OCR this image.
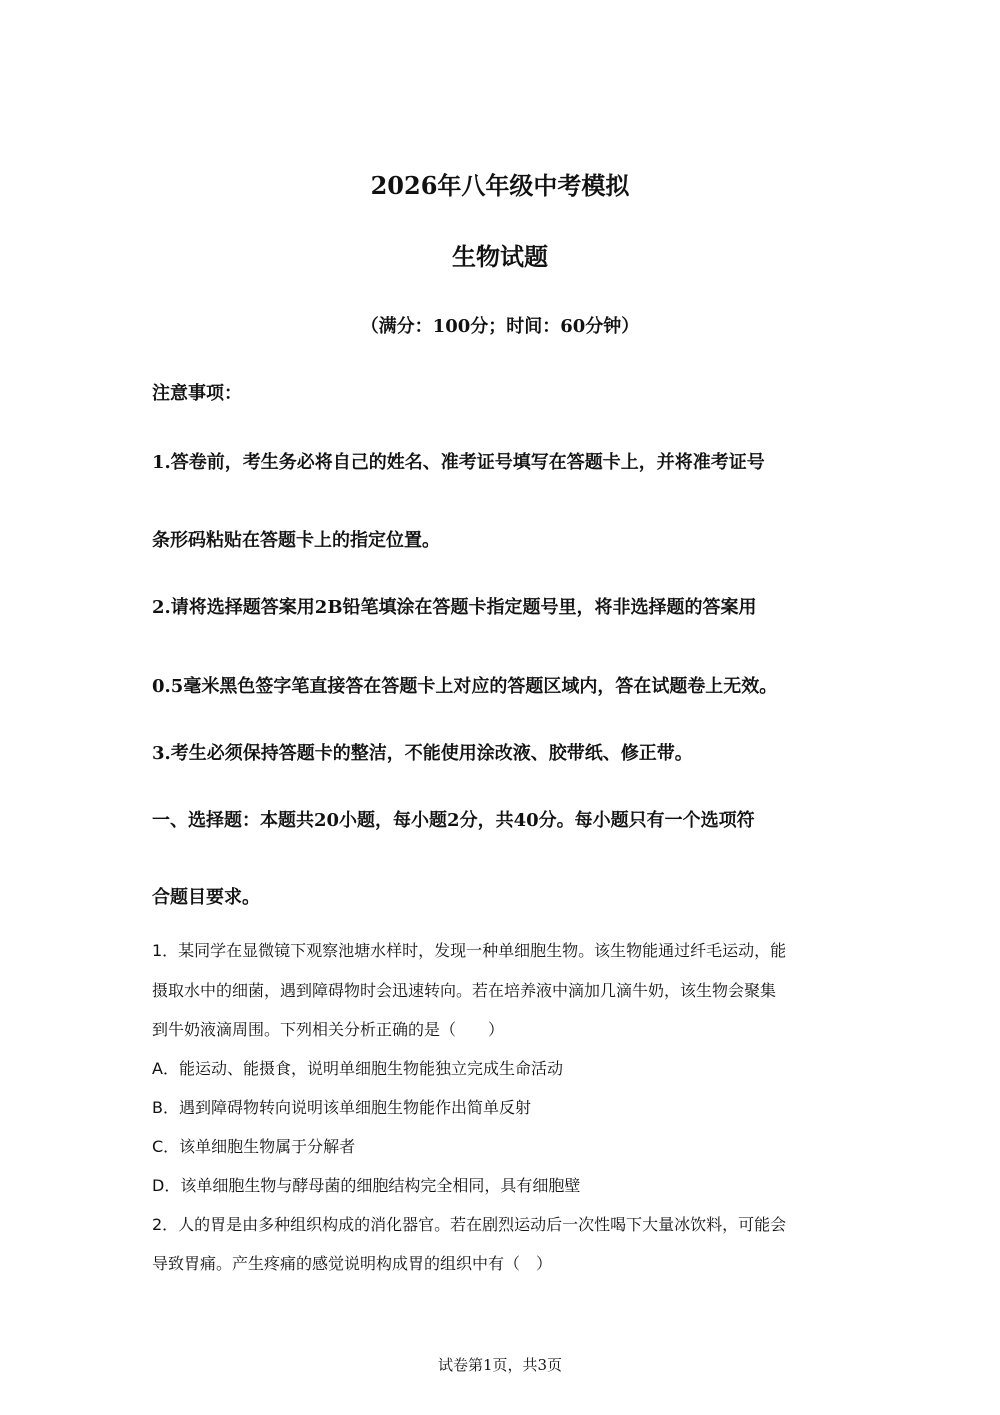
2026年八年级中考模拟
生物试题
（满分：100分；时间：60分钟）
注意事项：
1.答卷前，考生务必将自己的姓名、准考证号填写在答题卡上，并将准考证号
条形码粘贴在答题卡上的指定位置。
2.请将选择题答案用2B铅笔填涂在答题卡指定题号里，将非选择题的答案用
0.5毫米黑色签字笔直接答在答题卡上对应的答题区域内，答在试题卷上无效。
3.考生必须保持答题卡的整洁，不能使用涂改液、胶带纸、修正带。
一、选择题：本题共20小题，每小题2分，共40分。每小题只有一个选项符
合题目要求。
1．某同学在显微镜下观察池塘水样时，发现一种单细胞生物。该生物能通过纤毛运动，能
摄取水中的细菌，遇到障碍物时会迅速转向。若在培养液中滴加几滴牛奶，该生物会聚集
到牛奶液滴周围。下列相关分析正确的是（　　）
A．能运动、能摄食，说明单细胞生物能独立完成生命活动
B．遇到障碍物转向说明该单细胞生物能作出简单反射
C．该单细胞生物属于分解者
D．该单细胞生物与酵母菌的细胞结构完全相同，具有细胞壁
2．人的胃是由多种组织构成的消化器官。若在剧烈运动后一次性喝下大量冰饮料，可能会
导致胃痛。产生疼痛的感觉说明构成胃的组织中有（　）
试卷第1页，共3页
